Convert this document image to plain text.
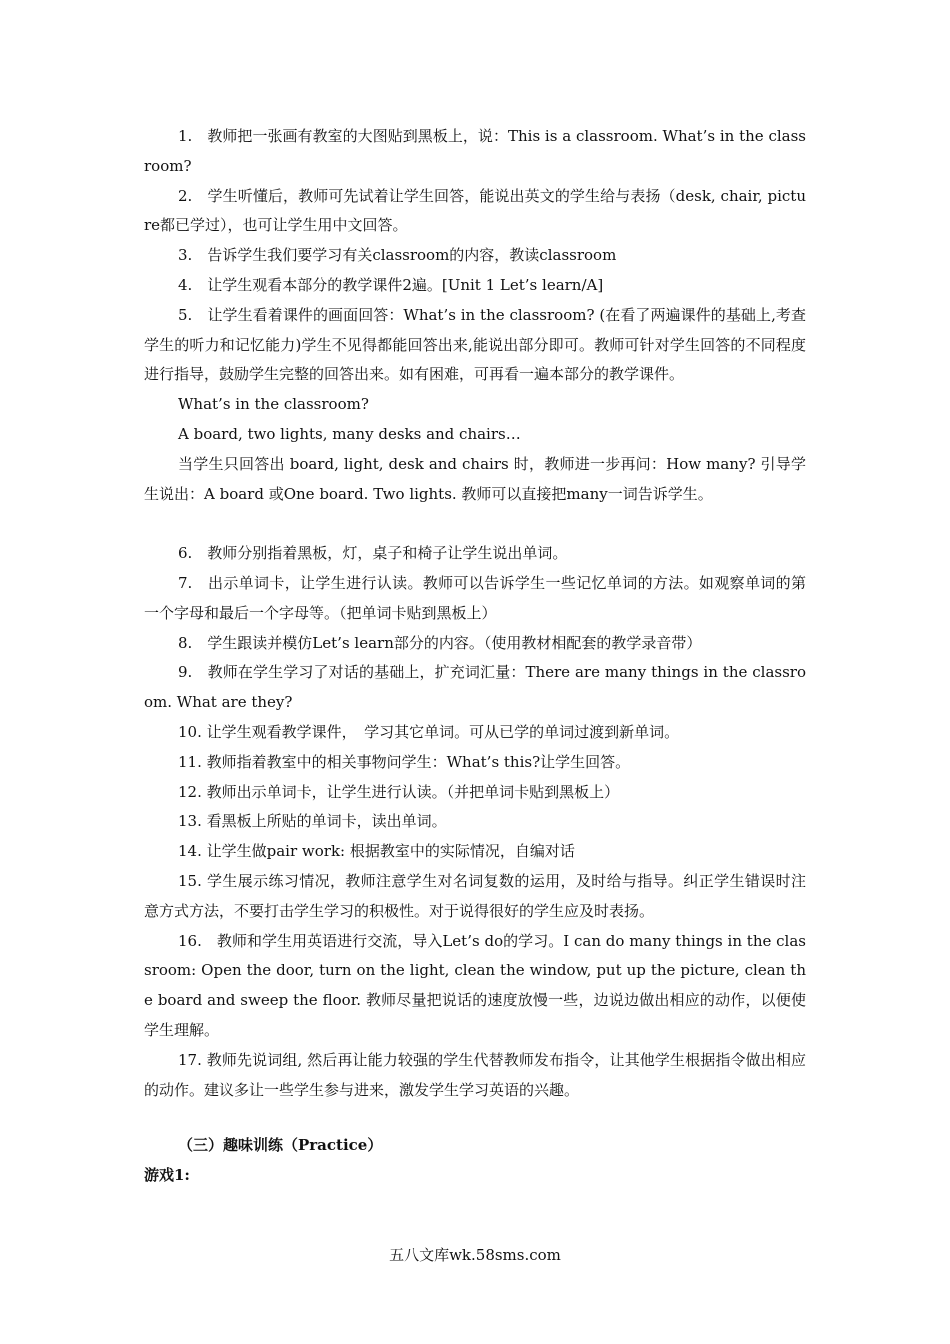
1.　教师把一张画有教室的大图贴到黑板上，说：This is a classroom. What’s in the classroom?

2.　学生听懂后，教师可先试着让学生回答，能说出英文的学生给与表扬（desk, chair, picture都已学过），也可让学生用中文回答。

3.　告诉学生我们要学习有关classroom的内容，教读classroom

4.　让学生观看本部分的教学课件2遍。[Unit 1 Let’s learn/A]

5.　让学生看着课件的画面回答：What’s in the classroom? (在看了两遍课件的基础上,考查学生的听力和记忆能力)学生不见得都能回答出来,能说出部分即可。教师可针对学生回答的不同程度进行指导，鼓励学生完整的回答出来。如有困难，可再看一遍本部分的教学课件。

What’s in the classroom?

A board, two lights, many desks and chairs…

当学生只回答出 board, light, desk and chairs 时，教师进一步再问：How many? 引导学生说出：A board 或One board. Two lights. 教师可以直接把many一词告诉学生。

6.　教师分别指着黑板，灯，桌子和椅子让学生说出单词。

7.　出示单词卡，让学生进行认读。教师可以告诉学生一些记忆单词的方法。如观察单词的第一个字母和最后一个字母等。（把单词卡贴到黑板上）

8.　学生跟读并模仿Let’s learn部分的内容。（使用教材相配套的教学录音带）

9.　教师在学生学习了对话的基础上，扩充词汇量：There are many things in the classroom. What are they?

10. 让学生观看教学课件，　学习其它单词。可从已学的单词过渡到新单词。

11. 教师指着教室中的相关事物问学生：What’s this?让学生回答。

12. 教师出示单词卡，让学生进行认读。（并把单词卡贴到黑板上）

13. 看黑板上所贴的单词卡，读出单词。

14. 让学生做pair work: 根据教室中的实际情况，自编对话

15. 学生展示练习情况，教师注意学生对名词复数的运用，及时给与指导。纠正学生错误时注意方式方法，不要打击学生学习的积极性。对于说得很好的学生应及时表扬。

16.　教师和学生用英语进行交流，导入Let’s do的学习。I can do many things in the classroom: Open the door, turn on the light, clean the window, put up the picture, clean the board and sweep the floor. 教师尽量把说话的速度放慢一些，边说边做出相应的动作，以便使学生理解。

17. 教师先说词组, 然后再让能力较强的学生代替教师发布指令，让其他学生根据指令做出相应的动作。建议多让一些学生参与进来，激发学生学习英语的兴趣。

（三）趣味训练（Practice）

游戏1:

五八文库wk.58sms.com
